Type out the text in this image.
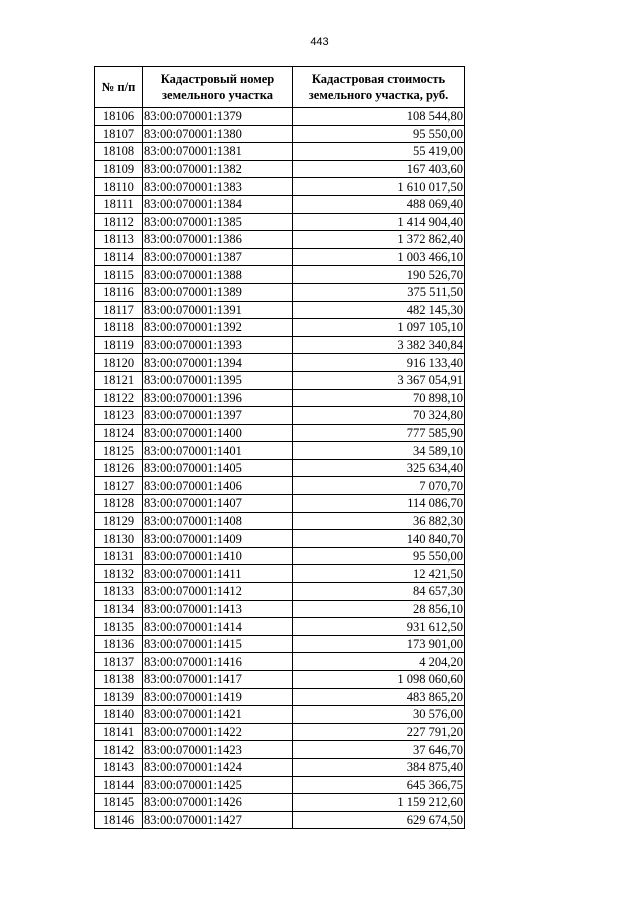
443
№ п/п	Кадастровый номер земельного участка	Кадастровая стоимость земельного участка, руб.
18106	83:00:070001:1379	108 544,80
18107	83:00:070001:1380	95 550,00
18108	83:00:070001:1381	55 419,00
18109	83:00:070001:1382	167 403,60
18110	83:00:070001:1383	1 610 017,50
18111	83:00:070001:1384	488 069,40
18112	83:00:070001:1385	1 414 904,40
18113	83:00:070001:1386	1 372 862,40
18114	83:00:070001:1387	1 003 466,10
18115	83:00:070001:1388	190 526,70
18116	83:00:070001:1389	375 511,50
18117	83:00:070001:1391	482 145,30
18118	83:00:070001:1392	1 097 105,10
18119	83:00:070001:1393	3 382 340,84
18120	83:00:070001:1394	916 133,40
18121	83:00:070001:1395	3 367 054,91
18122	83:00:070001:1396	70 898,10
18123	83:00:070001:1397	70 324,80
18124	83:00:070001:1400	777 585,90
18125	83:00:070001:1401	34 589,10
18126	83:00:070001:1405	325 634,40
18127	83:00:070001:1406	7 070,70
18128	83:00:070001:1407	114 086,70
18129	83:00:070001:1408	36 882,30
18130	83:00:070001:1409	140 840,70
18131	83:00:070001:1410	95 550,00
18132	83:00:070001:1411	12 421,50
18133	83:00:070001:1412	84 657,30
18134	83:00:070001:1413	28 856,10
18135	83:00:070001:1414	931 612,50
18136	83:00:070001:1415	173 901,00
18137	83:00:070001:1416	4 204,20
18138	83:00:070001:1417	1 098 060,60
18139	83:00:070001:1419	483 865,20
18140	83:00:070001:1421	30 576,00
18141	83:00:070001:1422	227 791,20
18142	83:00:070001:1423	37 646,70
18143	83:00:070001:1424	384 875,40
18144	83:00:070001:1425	645 366,75
18145	83:00:070001:1426	1 159 212,60
18146	83:00:070001:1427	629 674,50
